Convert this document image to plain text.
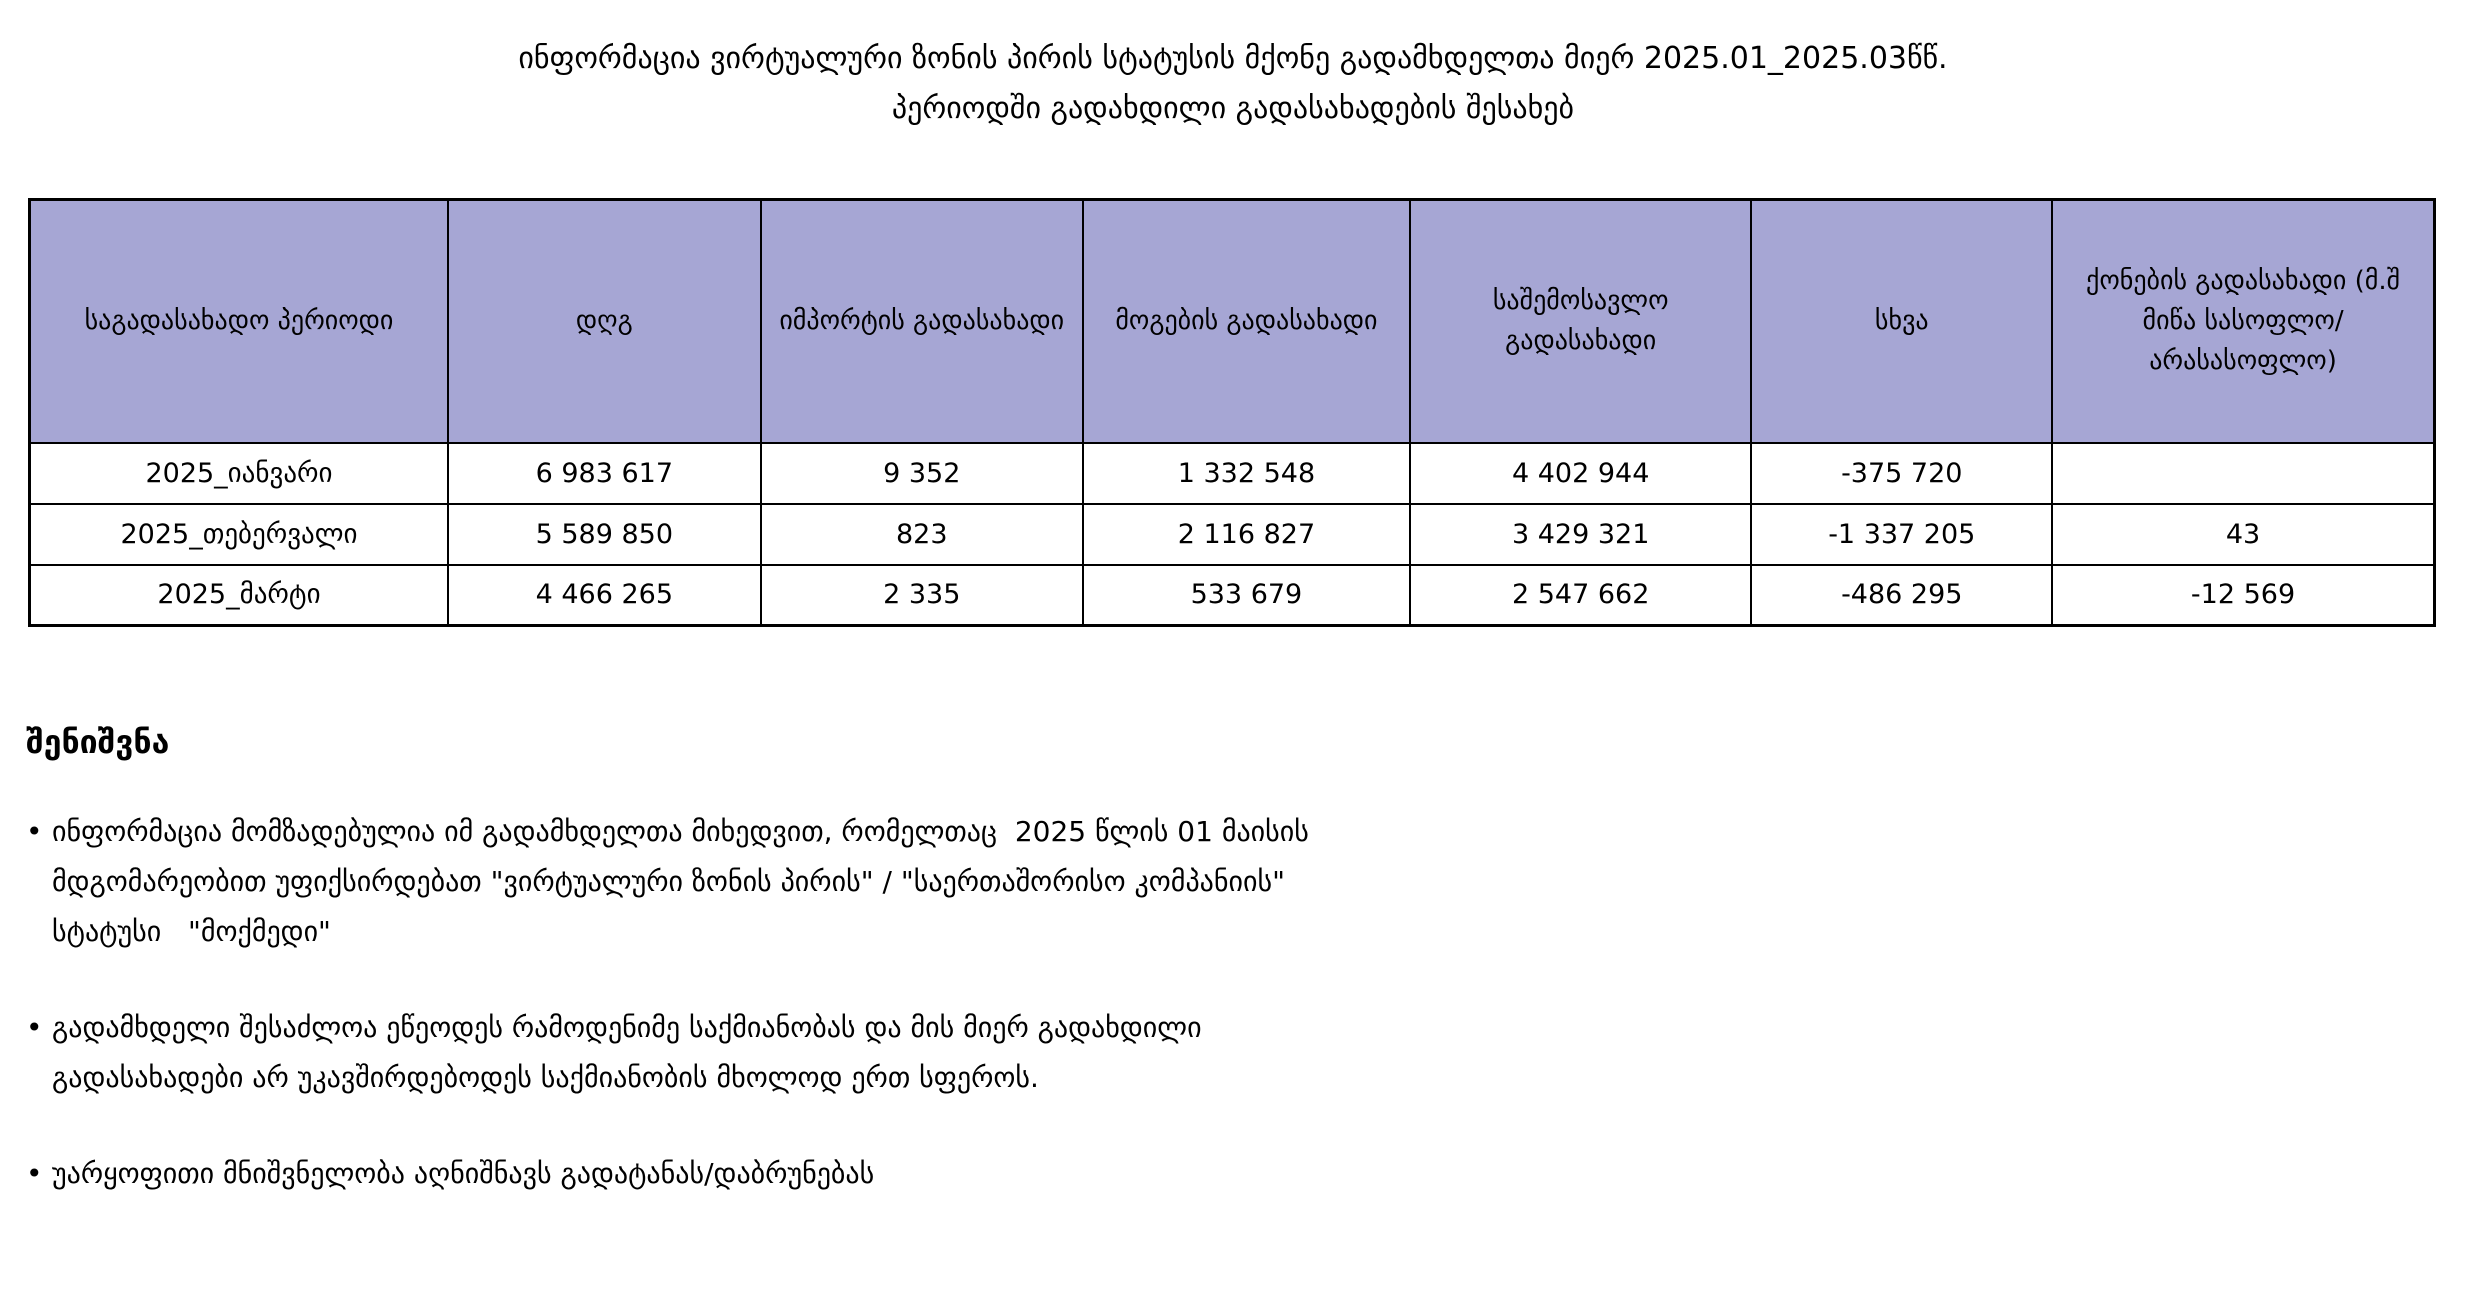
ინფორმაცია ვირტუალური ზონის პირის სტატუსის მქონე გადამხდელთა მიერ 2025.01_2025.03წწ.
პერიოდში გადახდილი გადასახადების შესახებ
საგადასახადო პერიოდი	დღგ	იმპორტის გადასახადი	მოგების გადასახადი	საშემოსავლო გადასახადი	სხვა	ქონების გადასახადი (მ.შ მიწა სასოფლო/არასასოფლო)
2025_იანვარი	6 983 617	9 352	1 332 548	4 402 944	-375 720	
2025_თებერვალი	5 589 850	823	2 116 827	3 429 321	-1 337 205	43
2025_მარტი	4 466 265	2 335	533 679	2 547 662	-486 295	-12 569
შენიშვნა
• ინფორმაცია მომზადებულია იმ გადამხდელთა მიხედვით, რომელთაც  2025 წლის 01 მაისის
მდგომარეობით უფიქსირდებათ "ვირტუალური ზონის პირის" / "საერთაშორისო კომპანიის"
სტატუსი   "მოქმედი"
• გადამხდელი შესაძლოა ეწეოდეს რამოდენიმე საქმიანობას და მის მიერ გადახდილი
გადასახადები არ უკავშირდებოდეს საქმიანობის მხოლოდ ერთ სფეროს.
• უარყოფითი მნიშვნელობა აღნიშნავს გადატანას/დაბრუნებას
